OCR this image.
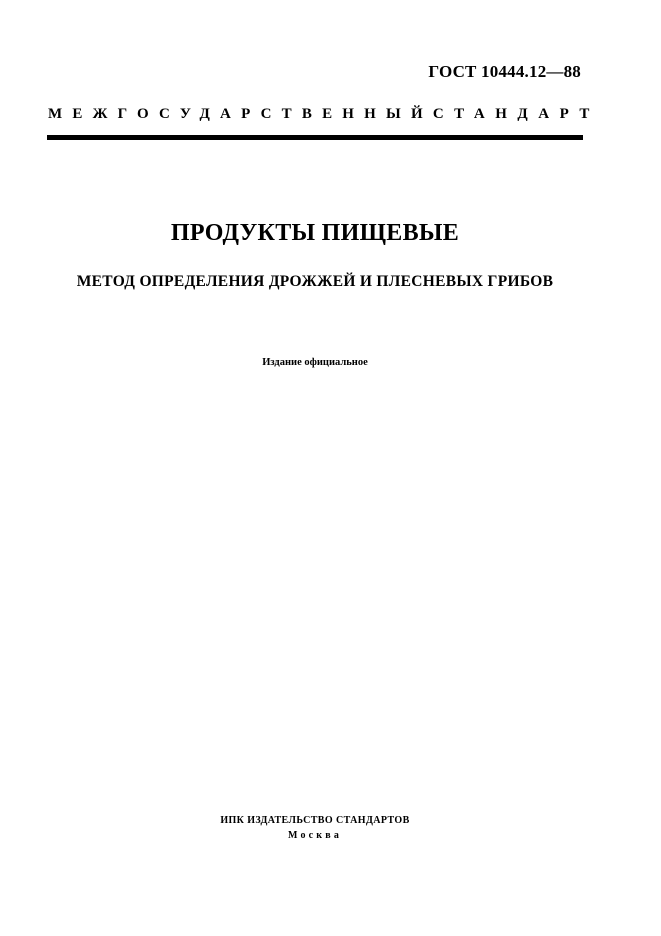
ГОСТ 10444.12—88
МЕЖГОСУДАРСТВЕННЫЙ СТАНДАРТ
ПРОДУКТЫ ПИЩЕВЫЕ
МЕТОД ОПРЕДЕЛЕНИЯ ДРОЖЖЕЙ И ПЛЕСНЕВЫХ ГРИБОВ
Издание официальное
ИПК ИЗДАТЕЛЬСТВО СТАНДАРТОВ
Москва
